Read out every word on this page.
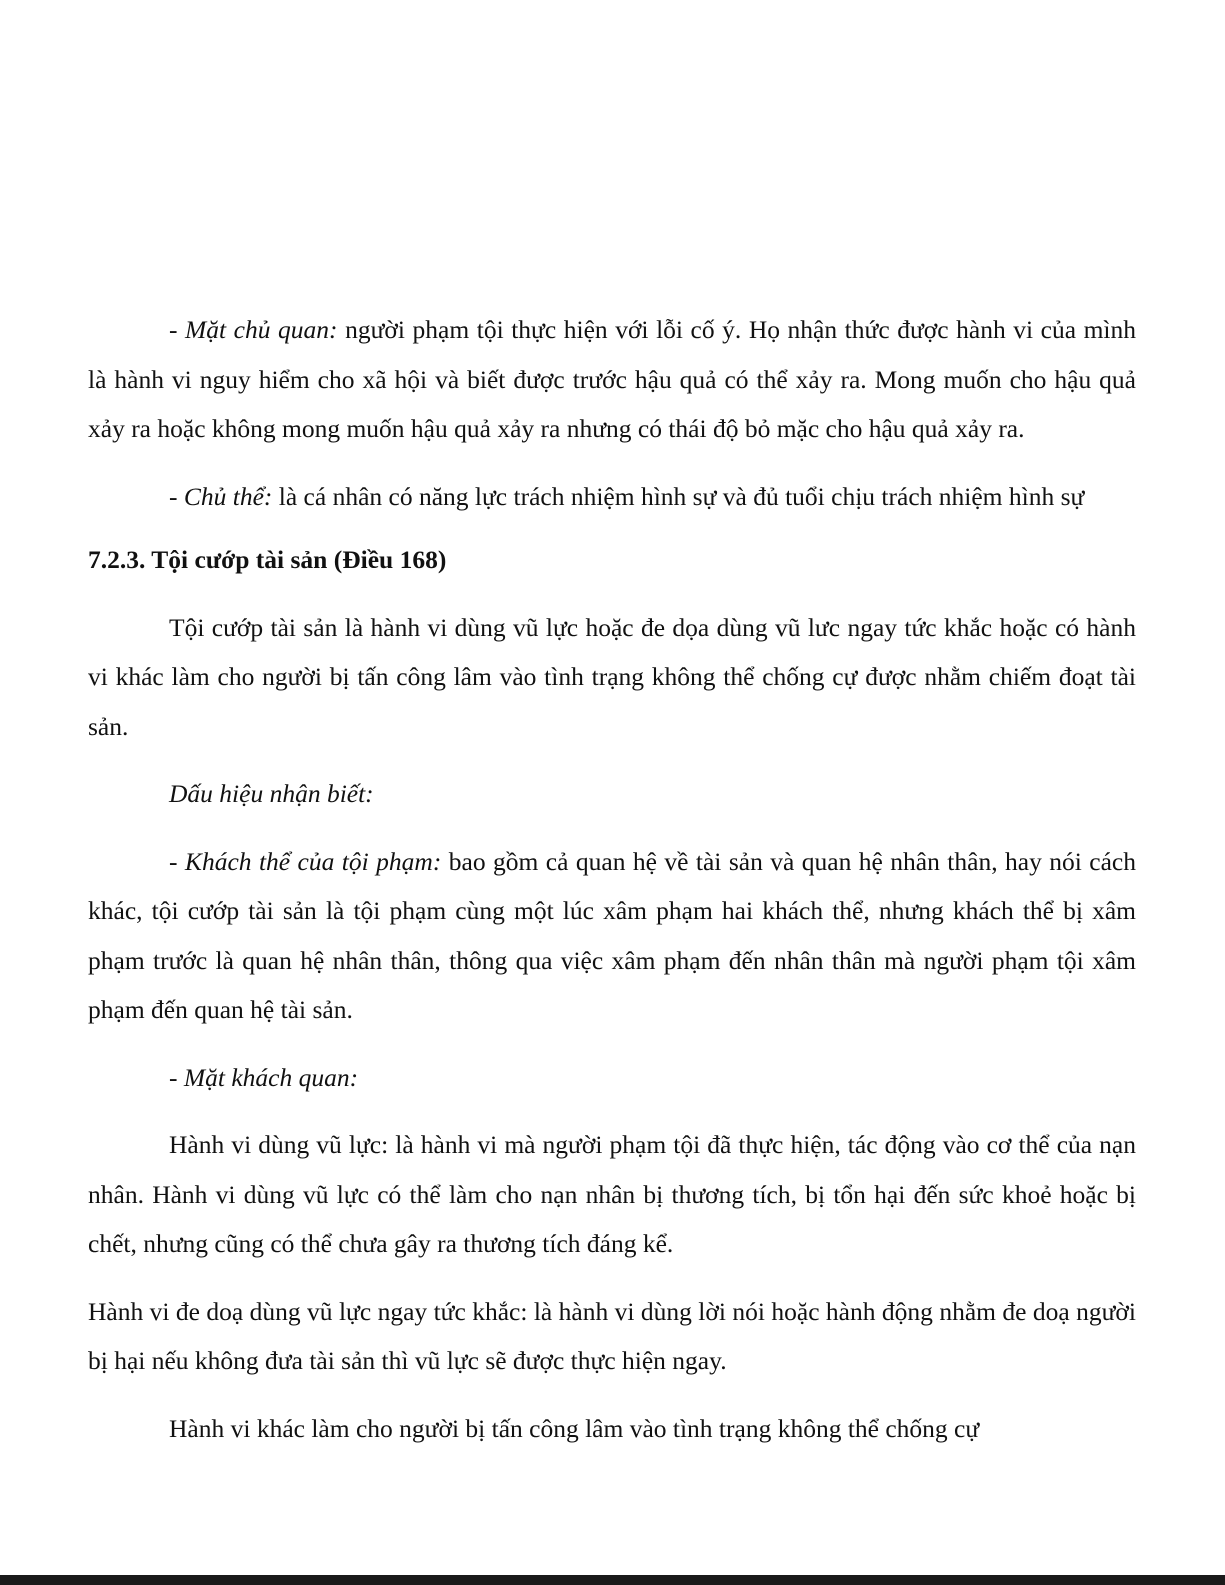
- Mặt chủ quan: người phạm tội thực hiện với lỗi cố ý. Họ nhận thức được hành vi của mình là hành vi nguy hiểm cho xã hội và biết được trước hậu quả có thể xảy ra. Mong muốn cho hậu quả xảy ra hoặc không mong muốn hậu quả xảy ra nhưng có thái độ bỏ mặc cho hậu quả xảy ra.

- Chủ thể: là cá nhân có năng lực trách nhiệm hình sự và đủ tuổi chịu trách nhiệm hình sự

7.2.3. Tội cướp tài sản (Điều 168)

Tội cướp tài sản là hành vi dùng vũ lực hoặc đe dọa dùng vũ lưc ngay tức khắc hoặc có hành vi khác làm cho người bị tấn công lâm vào tình trạng không thể chống cự được nhằm chiếm đoạt tài sản.

Dấu hiệu nhận biết:

- Khách thể của tội phạm: bao gồm cả quan hệ về tài sản và quan hệ nhân thân, hay nói cách khác, tội cướp tài sản là tội phạm cùng một lúc xâm phạm hai khách thể, nhưng khách thể bị xâm phạm trước là quan hệ nhân thân, thông qua việc xâm phạm đến nhân thân mà người phạm tội xâm phạm đến quan hệ tài sản.

- Mặt khách quan:

Hành vi dùng vũ lực: là hành vi mà người phạm tội đã thực hiện, tác động vào cơ thể của nạn nhân. Hành vi dùng vũ lực có thể làm cho nạn nhân bị thương tích, bị tổn hại đến sức khoẻ hoặc bị chết, nhưng cũng có thể chưa gây ra thương tích đáng kể.

Hành vi đe doạ dùng vũ lực ngay tức khắc: là hành vi dùng lời nói hoặc hành động nhằm đe doạ người bị hại nếu không đưa tài sản thì vũ lực sẽ được thực hiện ngay.

Hành vi khác làm cho người bị tấn công lâm vào tình trạng không thể chống cự
